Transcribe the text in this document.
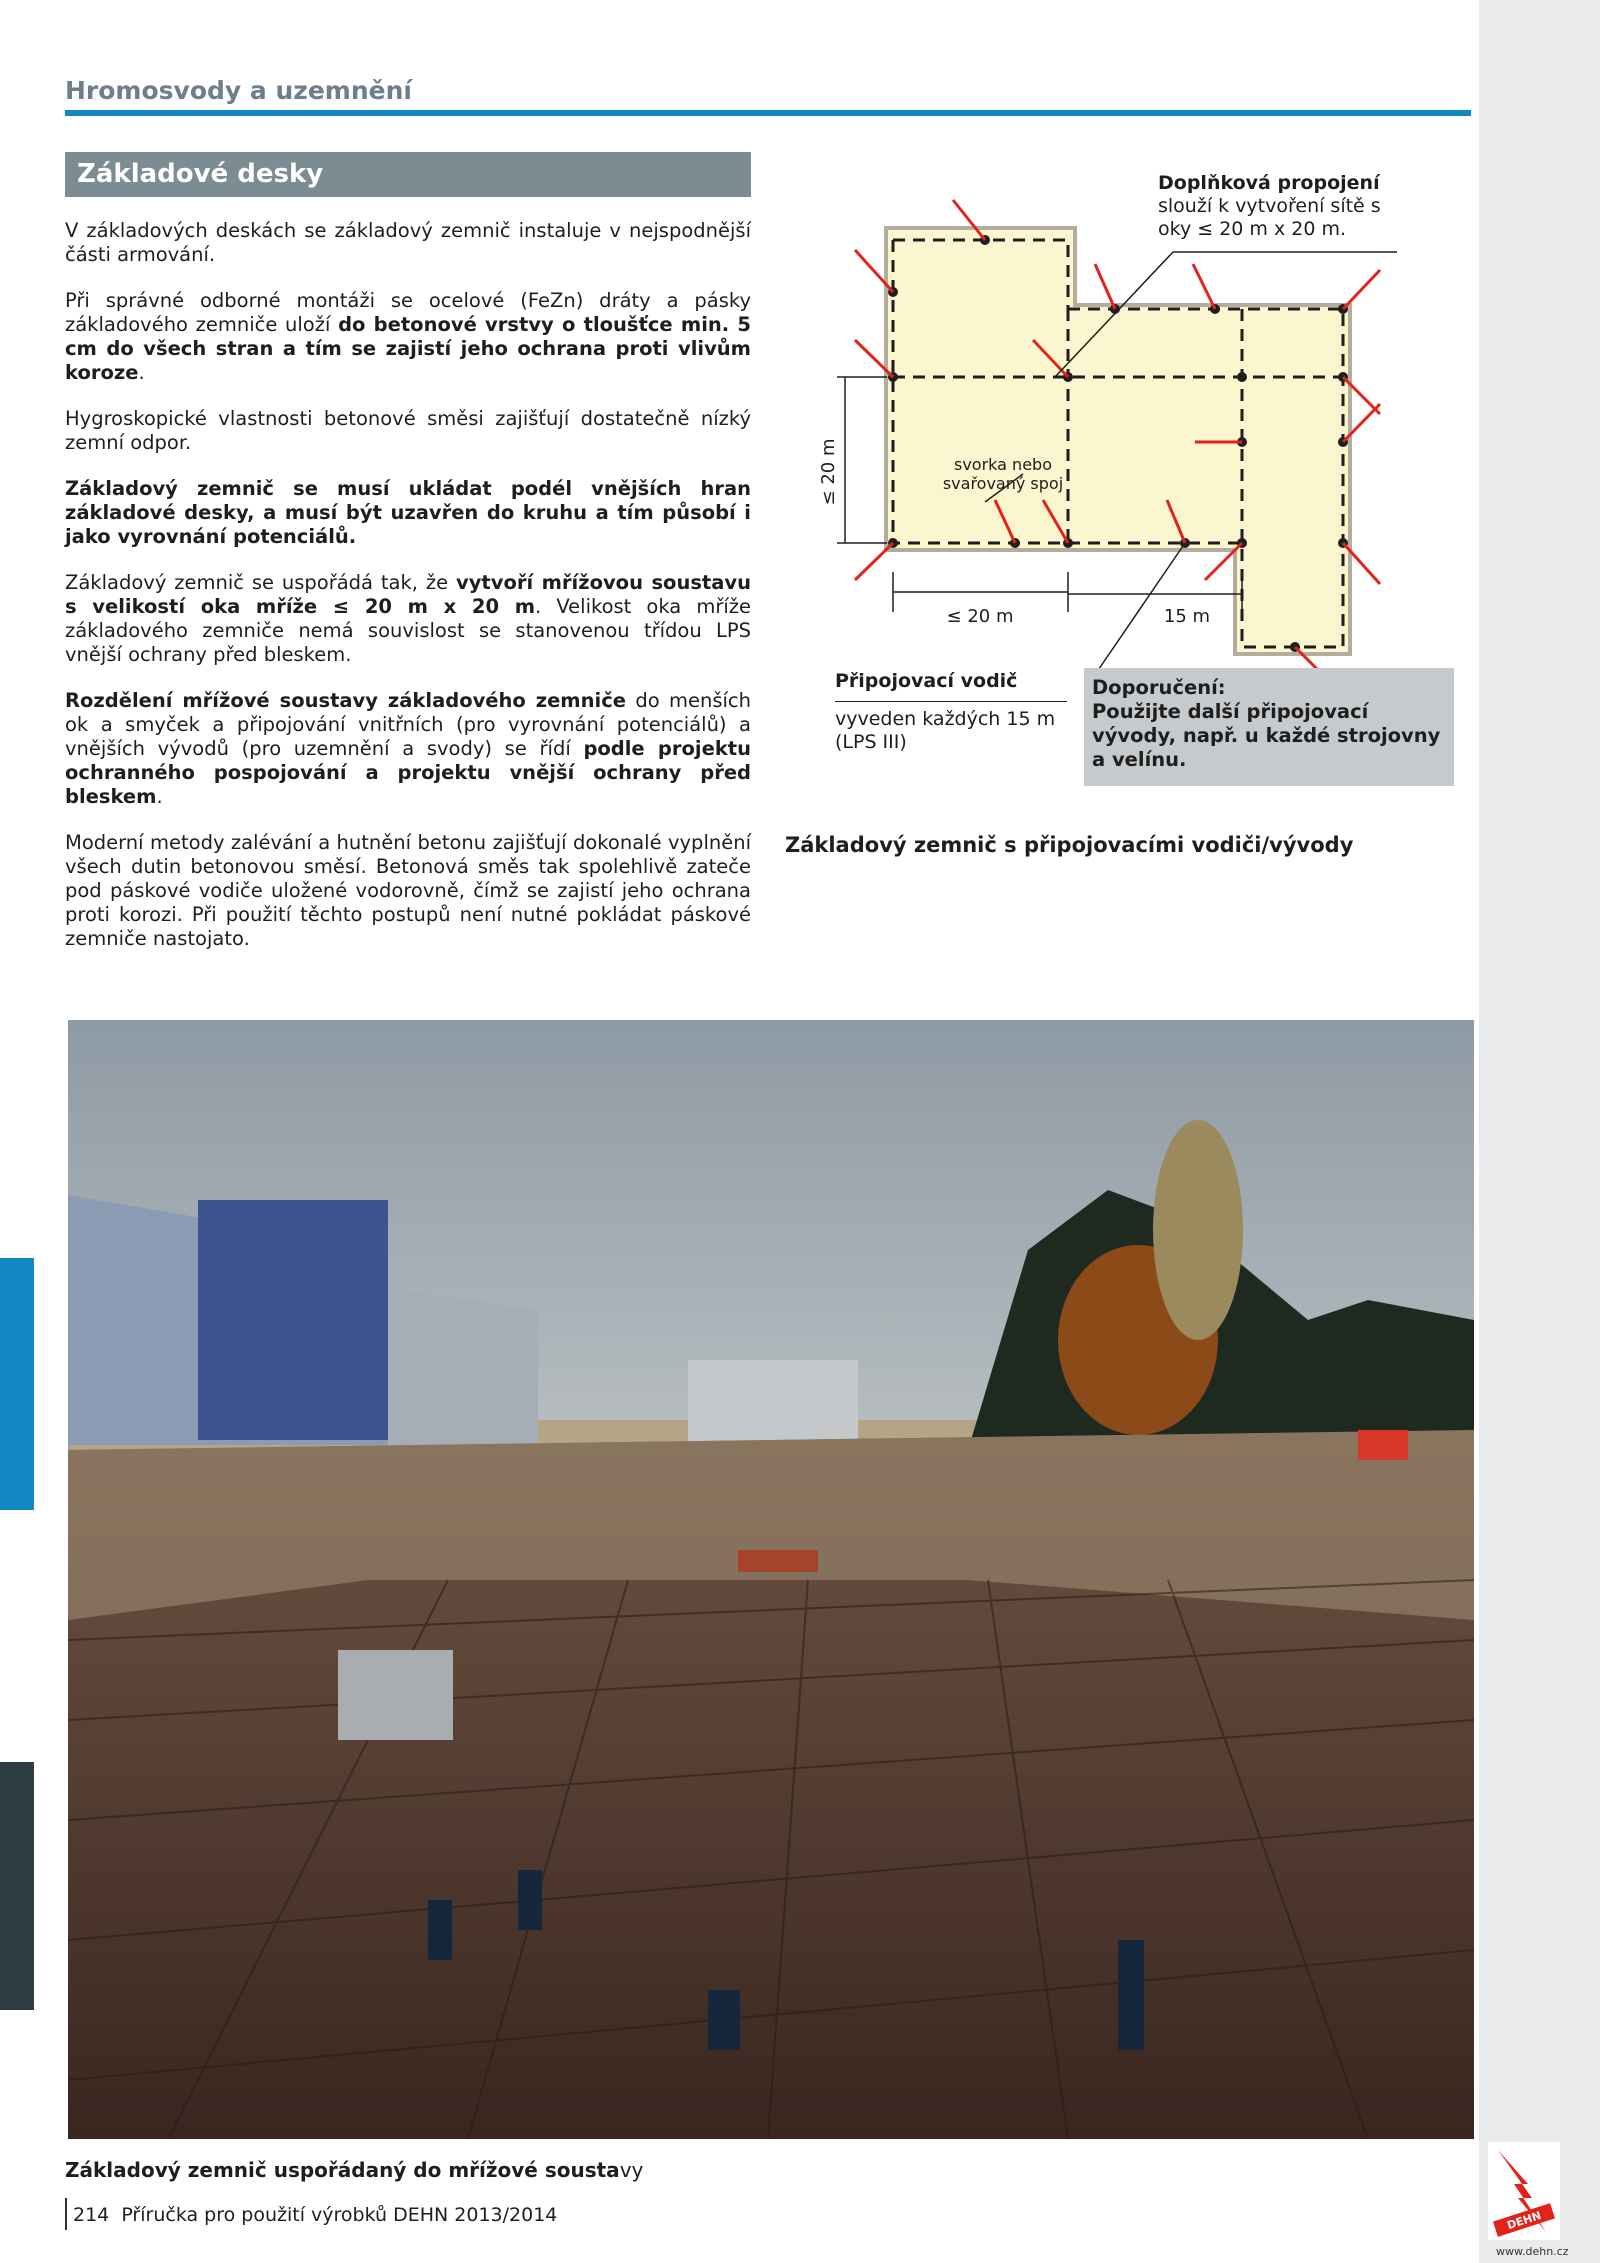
Hromosvody a uzemnění
Základové desky

V základových deskách se základový zemnič instaluje v nejspodnější části armování.

Při správné odborné montáži se ocelové (FeZn) dráty a pásky základového zemniče uloží do betonové vrstvy o tloušťce min. 5 cm do všech stran a tím se zajistí jeho ochrana proti vlivům koroze.

Hygroskopické vlastnosti betonové směsi zajišťují dostatečně nízký zemní odpor.

Základový zemnič se musí ukládat podél vnějších hran základové desky, a musí být uzavřen do kruhu a tím působí i jako vyrovnání potenciálů.

Základový zemnič se uspořádá tak, že vytvoří mřížovou soustavu s velikostí oka mříže ≤ 20 m x 20 m. Velikost oka mříže základového zemniče nemá souvislost se stanovenou třídou LPS vnější ochrany před bleskem.

Rozdělení mřížové soustavy základového zemniče do menších ok a smyček a připojování vnitřních (pro vyrovnání potenciálů) a vnějších vývodů (pro uzemnění a svody) se řídí podle projektu ochranného pospojování a projektu vnější ochrany před bleskem.

Moderní metody zalévání a hutnění betonu zajišťují dokonalé vyplnění všech dutin betonovou směsí. Betonová směs tak spolehlivě zateče pod páskové vodiče uložené vodorovně, čímž se zajistí jeho ochrana proti korozi. Při použití těchto postupů není nutné pokládat páskové zemniče nastojato.

≤ 20 m
≤ 20 m	15 m
svorka nebo
svařovaný spoj
Doplňková propojení
slouží k vytvoření sítě s oky ≤ 20 m x 20 m.
Připojovací vodič
vyveden každých 15 m
(LPS III)
Doporučení:
Použijte další připojovací vývody, např. u každé strojovny a velínu.
Základový zemnič s připojovacími vodiči/vývody
Základový zemnič uspořádaný do mřížové soustavy
214 Příručka pro použití výrobků DEHN 2013/2014	DEHN
www.dehn.cz
